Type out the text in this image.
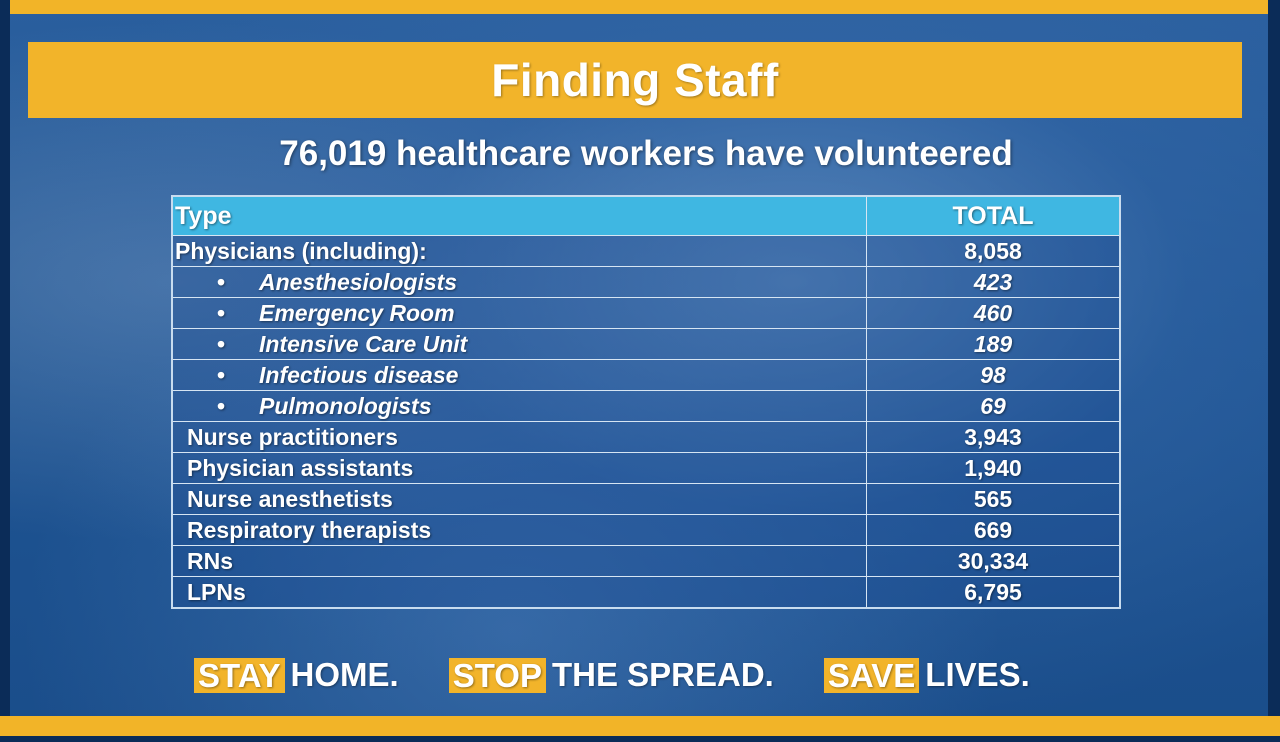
Finding Staff
76,019 healthcare workers have volunteered
Type	TOTAL
Physicians (including):	8,058
• Anesthesiologists	423
• Emergency Room	460
• Intensive Care Unit	189
• Infectious disease	98
• Pulmonologists	69
Nurse practitioners	3,943
Physician assistants	1,940
Nurse anesthetists	565
Respiratory therapists	669
RNs	30,334
LPNs	6,795
STAY HOME. STOP THE SPREAD. SAVE LIVES.
